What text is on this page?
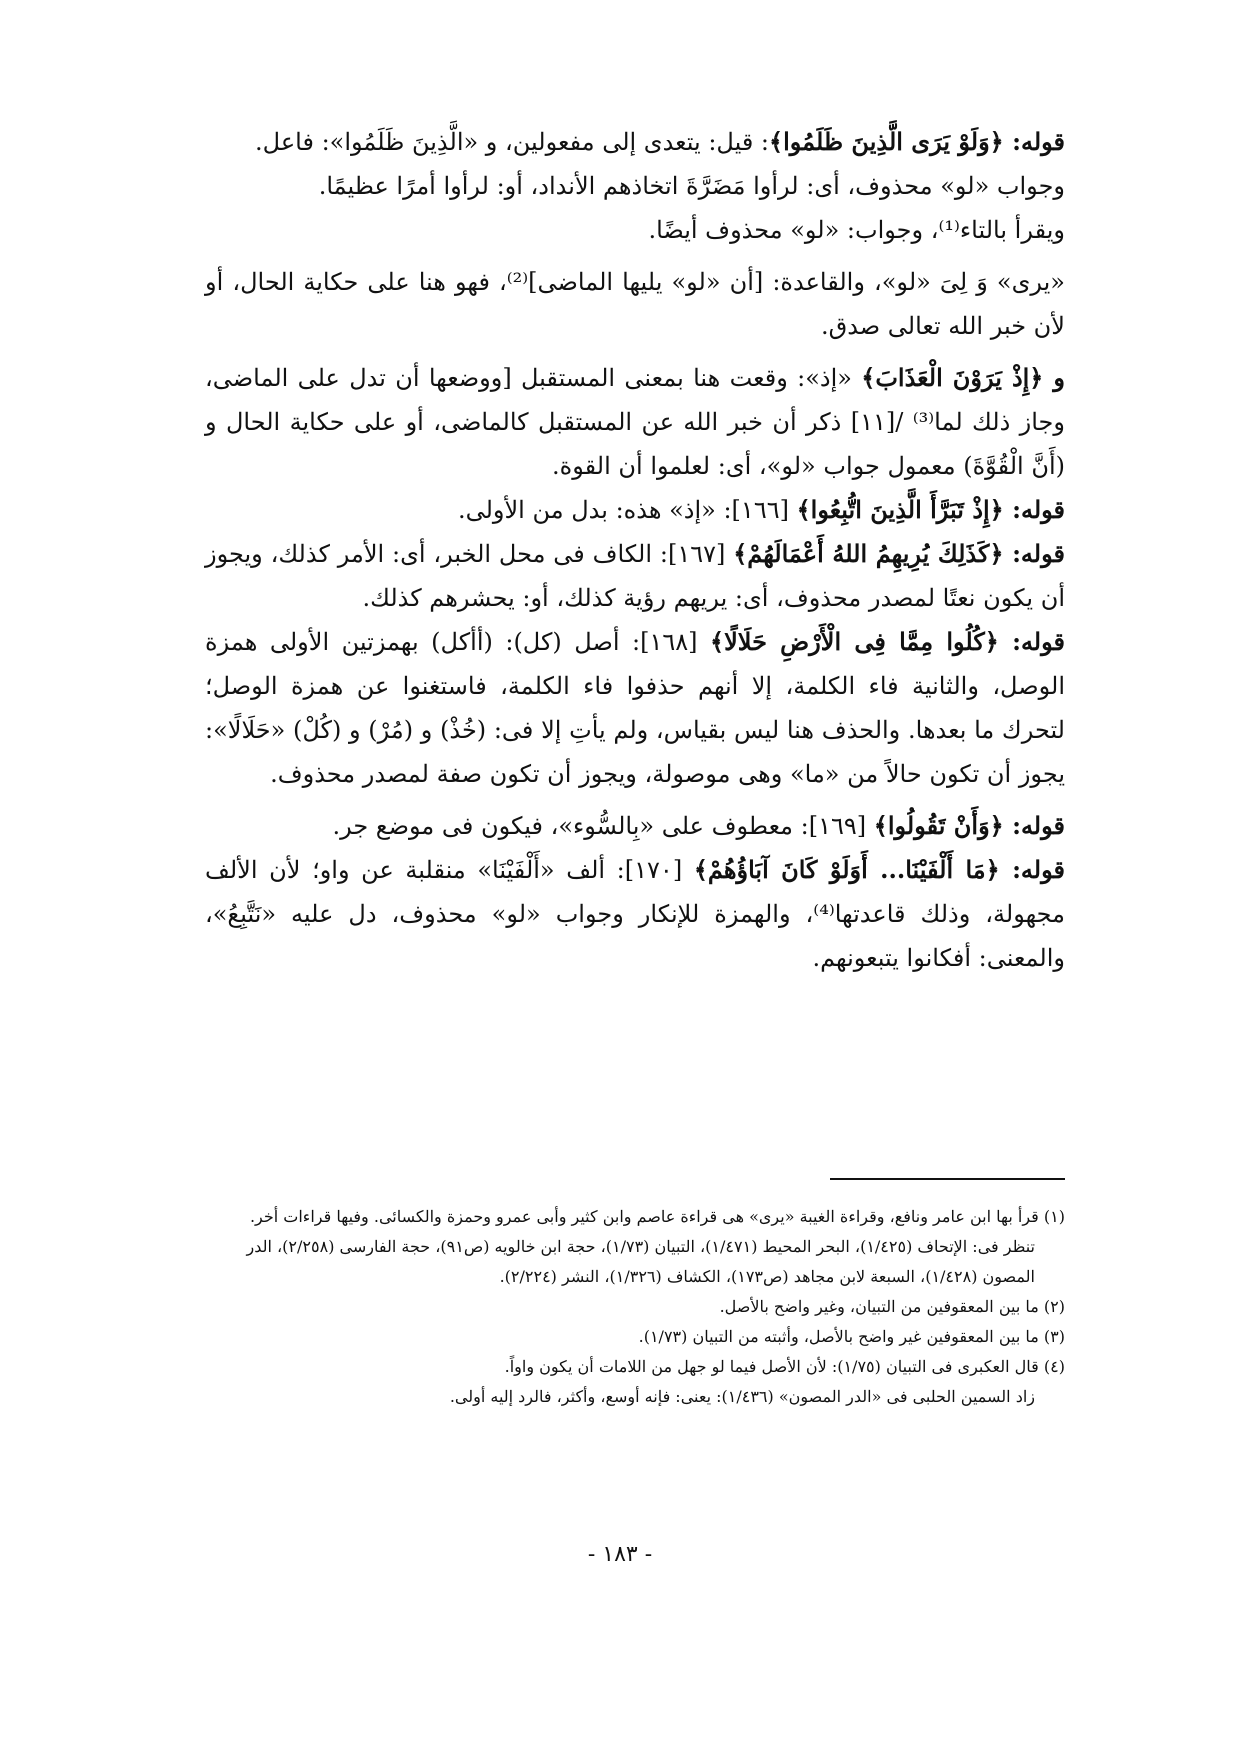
قوله: ﴿وَلَوْ يَرَى الَّذِينَ ظَلَمُوا﴾: قيل: يتعدى إلى مفعولين، و «الَّذِينَ ظَلَمُوا»: فاعل.

وجواب «لو» محذوف، أى: لرأوا مَضَرَّةَ اتخاذهم الأنداد، أو: لرأوا أمرًا عظيمًا.

ويقرأ بالتاء⁽¹⁾، وجواب: «لو» محذوف أيضًا.

«يرى» وَ لِىَ «لو»، والقاعدة: [أن «لو» يليها الماضى]⁽²⁾، فهو هنا على حكاية الحال، أو لأن خبر الله تعالى صدق.

و ﴿إِذْ يَرَوْنَ الْعَذَابَ﴾ «إذ»: وقعت هنا بمعنى المستقبل [ووضعها أن تدل على الماضى، وجاز ذلك لما⁽³⁾ /[١١] ذكر أن خبر الله عن المستقبل كالماضى، أو على حكاية الحال و (أَنَّ الْقُوَّةَ) معمول جواب «لو»، أى: لعلموا أن القوة.

قوله: ﴿إِذْ تَبَرَّأَ الَّذِينَ اتُّبِعُوا﴾ [١٦٦]: «إذ» هذه: بدل من الأولى.

قوله: ﴿كَذَلِكَ يُرِيهِمُ اللهُ أَعْمَالَهُمْ﴾ [١٦٧]: الكاف فى محل الخبر، أى: الأمر كذلك، ويجوز أن يكون نعتًا لمصدر محذوف، أى: يريهم رؤية كذلك، أو: يحشرهم كذلك.

قوله: ﴿كُلُوا مِمَّا فِى الْأَرْضِ حَلَالًا﴾ [١٦٨]: أصل (كل): (أأكل) بهمزتين الأولى همزة الوصل، والثانية فاء الكلمة، إلا أنهم حذفوا فاء الكلمة، فاستغنوا عن همزة الوصل؛ لتحرك ما بعدها. والحذف هنا ليس بقياس، ولم يأتِ إلا فى: (خُذْ) و (مُرْ) و (كُلْ) «حَلَالًا»: يجوز أن تكون حالاً من «ما» وهى موصولة، ويجوز أن تكون صفة لمصدر محذوف.

قوله: ﴿وَأَنْ تَقُولُوا﴾ [١٦٩]: معطوف على «بِالسُّوء»، فيكون فى موضع جر.

قوله: ﴿مَا أَلْفَيْنَا... أَوَلَوْ كَانَ آبَاؤُهُمْ﴾ [١٧٠]: ألف «أَلْفَيْنَا» منقلبة عن واو؛ لأن الألف مجهولة، وذلك قاعدتها⁽⁴⁾، والهمزة للإنكار وجواب «لو» محذوف، دل عليه «نَتَّبِعُ»، والمعنى: أفكانوا يتبعونهم.

(١) قرأ بها ابن عامر ونافع، وقراءة الغيبة «يرى» هى قراءة عاصم وابن كثير وأبى عمرو وحمزة والكسائى. وفيها قراءات أخر.

تنظر فى: الإتحاف (١/٤٢٥)، البحر المحيط (١/٤٧١)، التبيان (١/٧٣)، حجة ابن خالويه (ص٩١)، حجة الفارسى (٢/٢٥٨)، الدر المصون (١/٤٢٨)، السبعة لابن مجاهد (ص١٧٣)، الكشاف (١/٣٢٦)، النشر (٢/٢٢٤).

(٢) ما بين المعقوفين من التبيان، وغير واضح بالأصل.

(٣) ما بين المعقوفين غير واضح بالأصل، وأثبته من التبيان (١/٧٣).

(٤) قال العكبرى فى التبيان (١/٧٥): لأن الأصل فيما لو جهل من اللامات أن يكون واواً.

زاد السمين الحلبى فى «الدر المصون» (١/٤٣٦): يعنى: فإنه أوسع، وأكثر، فالرد إليه أولى.

- ١٨٣ -
